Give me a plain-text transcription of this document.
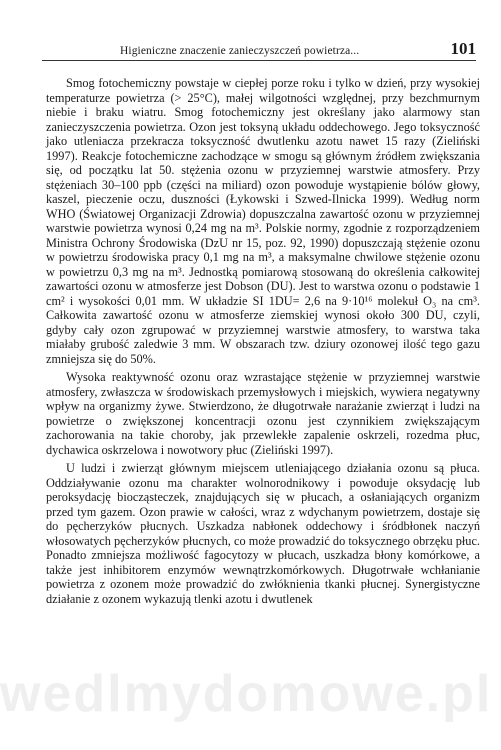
Higieniczne znaczenie zanieczyszczeń powietrza...	101

Smog fotochemiczny powstaje w ciepłej porze roku i tylko w dzień, przy wysokiej temperaturze powietrza (> 25°C), małej wilgotności względnej, przy bezchmurnym niebie i braku wiatru. Smog fotochemiczny jest określany jako alarmowy stan zanieczyszczenia powietrza. Ozon jest toksyną układu oddechowego. Jego toksyczność jako utleniacza przekracza toksyczność dwutlenku azotu nawet 15 razy (Zieliński 1997). Reakcje fotochemiczne zachodzące w smogu są głównym źródłem zwiększania się, od początku lat 50. stężenia ozonu w przyziemnej warstwie atmosfery. Przy stężeniach 30–100 ppb (części na miliard) ozon powoduje wystąpienie bólów głowy, kaszel, pieczenie oczu, duszności (Łykowski i Szwed-Ilnicka 1999). Według norm WHO (Światowej Organizacji Zdrowia) dopuszczalna zawartość ozonu w przyziemnej warstwie powietrza wynosi 0,24 mg na m³. Polskie normy, zgodnie z rozporządzeniem Ministra Ochrony Środowiska (DzU nr 15, poz. 92, 1990) dopuszczają stężenie ozonu w powietrzu środowiska pracy 0,1 mg na m³, a maksymalne chwilowe stężenie ozonu w powietrzu 0,3 mg na m³. Jednostką pomiarową stosowaną do określenia całkowitej zawartości ozonu w atmosferze jest Dobson (DU). Jest to warstwa ozonu o podstawie 1 cm² i wysokości 0,01 mm. W układzie SI 1DU= 2,6 na 9·10¹⁶ molekuł O₃ na cm³. Całkowita zawartość ozonu w atmosferze ziemskiej wynosi około 300 DU, czyli, gdyby cały ozon zgrupować w przyziemnej warstwie atmosfery, to warstwa taka miałaby grubość zaledwie 3 mm. W obszarach tzw. dziury ozonowej ilość tego gazu zmniejsza się do 50%.

Wysoka reaktywność ozonu oraz wzrastające stężenie w przyziemnej warstwie atmosfery, zwłaszcza w środowiskach przemysłowych i miejskich, wywiera negatywny wpływ na organizmy żywe. Stwierdzono, że długotrwałe narażanie zwierząt i ludzi na powietrze o zwiększonej koncentracji ozonu jest czynnikiem zwiększającym zachorowania na takie choroby, jak przewlekłe zapalenie oskrzeli, rozedma płuc, dychawica oskrzelowa i nowotwory płuc (Zieliński 1997).

U ludzi i zwierząt głównym miejscem utleniającego działania ozonu są płuca. Oddziaływanie ozonu ma charakter wolnorodnikowy i powoduje oksydację lub peroksydację biocząsteczek, znajdujących się w płucach, a osłaniających organizm przed tym gazem. Ozon prawie w całości, wraz z wdychanym powietrzem, dostaje się do pęcherzyków płucnych. Uszkadza nabłonek oddechowy i śródbłonek naczyń włosowatych pęcherzyków płucnych, co może prowadzić do toksycznego obrzęku płuc. Ponadto zmniejsza możliwość fagocytozy w płucach, uszkadza błony komórkowe, a także jest inhibitorem enzymów wewnątrzkomórkowych. Długotrwałe wchłanianie powietrza z ozonem może prowadzić do zwłóknienia tkanki płucnej. Synergistyczne działanie z ozonem wykazują tlenki azotu i dwutlenek

wedlmydomowe.pl
